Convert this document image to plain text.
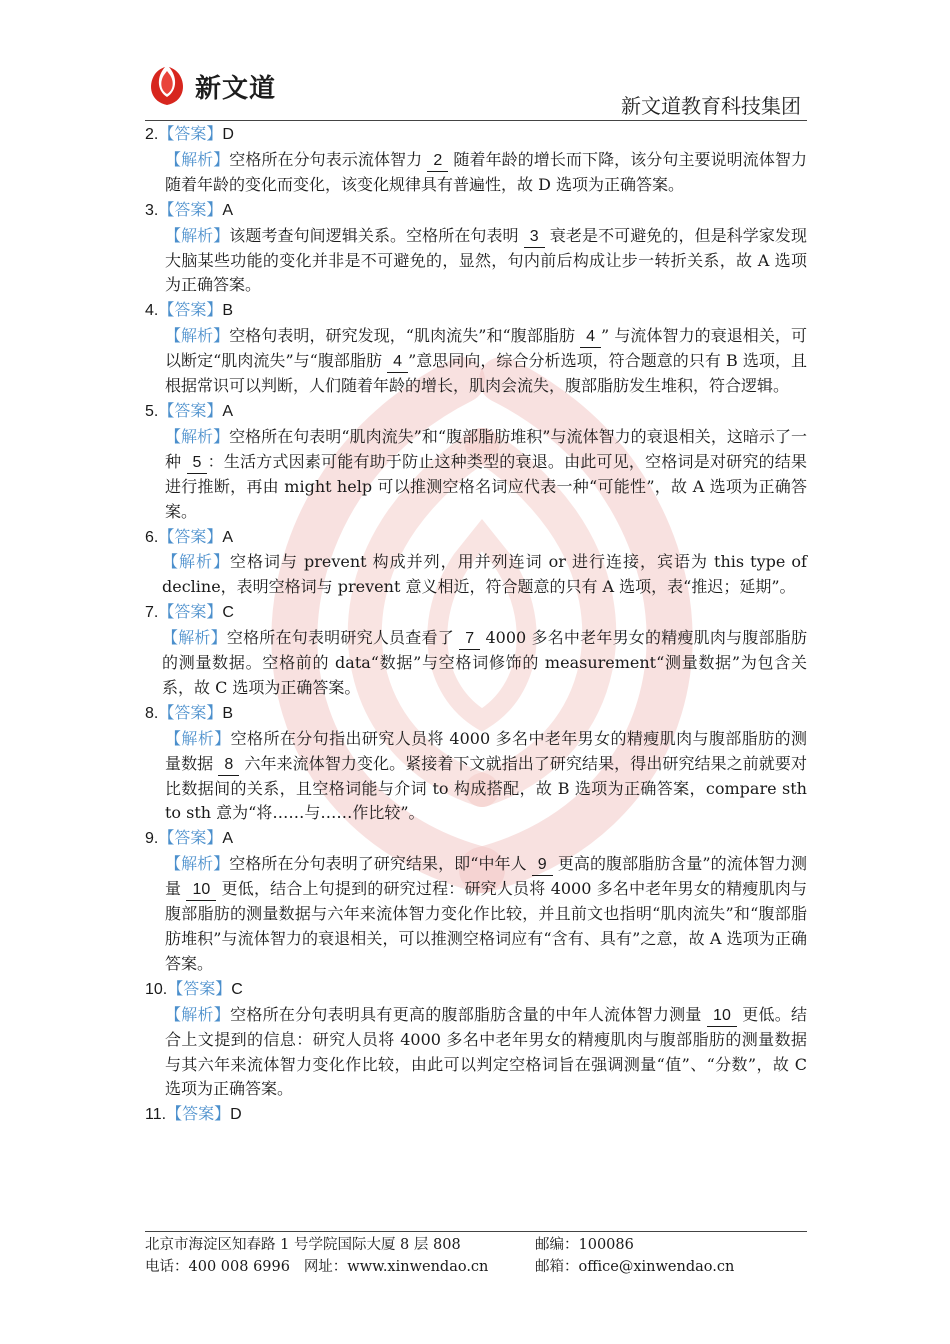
新文道
新文道教育科技集团
2.【答案】D
【解析】空格所在分句表示流体智力 2 随着年龄的增长而下降，该分句主要说明流体智力随着年龄的变化而变化，该变化规律具有普遍性，故 D 选项为正确答案。
3.【答案】A
【解析】该题考查句间逻辑关系。空格所在句表明 3 衰老是不可避免的，但是科学家发现大脑某些功能的变化并非是不可避免的，显然，句内前后构成让步一转折关系，故 A 选项为正确答案。
4.【答案】B
【解析】空格句表明，研究发现，“肌肉流失”和“腹部脂肪 4 ” 与流体智力的衰退相关，可以断定“肌肉流失”与“腹部脂肪 4 ”意思同向，综合分析选项，符合题意的只有 B 选项，且根据常识可以判断，人们随着年龄的增长，肌肉会流失，腹部脂肪发生堆积，符合逻辑。
5.【答案】A
【解析】空格所在句表明“肌肉流失”和“腹部脂肪堆积”与流体智力的衰退相关，这暗示了一种 5 ：生活方式因素可能有助于防止这种类型的衰退。由此可见，空格词是对研究的结果进行推断，再由 might help 可以推测空格名词应代表一种“可能性”，故 A 选项为正确答案。
6.【答案】A
【解析】空格词与 prevent 构成并列，用并列连词 or 进行连接，宾语为 this type of decline，表明空格词与 prevent 意义相近，符合题意的只有 A 选项，表“推迟；延期”。
7.【答案】C
【解析】空格所在句表明研究人员查看了 7 4000 多名中老年男女的精瘦肌肉与腹部脂肪的测量数据。空格前的 data“数据”与空格词修饰的 measurement“测量数据”为包含关系，故 C 选项为正确答案。
8.【答案】B
【解析】空格所在分句指出研究人员将 4000 多名中老年男女的精瘦肌肉与腹部脂肪的测量数据 8 六年来流体智力变化。紧接着下文就指出了研究结果，得出研究结果之前就要对比数据间的关系，且空格词能与介词 to 构成搭配，故 B 选项为正确答案，compare sth to sth 意为“将……与……作比较”。
9.【答案】A
【解析】空格所在分句表明了研究结果，即“中年人 9 更高的腹部脂肪含量”的流体智力测量 10 更低，结合上句提到的研究过程：研究人员将 4000 多名中老年男女的精瘦肌肉与腹部脂肪的测量数据与六年来流体智力变化作比较，并且前文也指明“肌肉流失”和“腹部脂肪堆积”与流体智力的衰退相关，可以推测空格词应有“含有、具有”之意，故 A 选项为正确答案。
10.【答案】C
【解析】空格所在分句表明具有更高的腹部脂肪含量的中年人流体智力测量 10 更低。结合上文提到的信息：研究人员将 4000 多名中老年男女的精瘦肌肉与腹部脂肪的测量数据与其六年来流体智力变化作比较，由此可以判定空格词旨在强调测量“值”、“分数”，故 C 选项为正确答案。
11.【答案】D
北京市海淀区知春路 1 号学院国际大厦 8 层 808	邮编：100086
电话：400 008 6996 网址：www.xinwendao.cn	邮箱：office@xinwendao.cn
